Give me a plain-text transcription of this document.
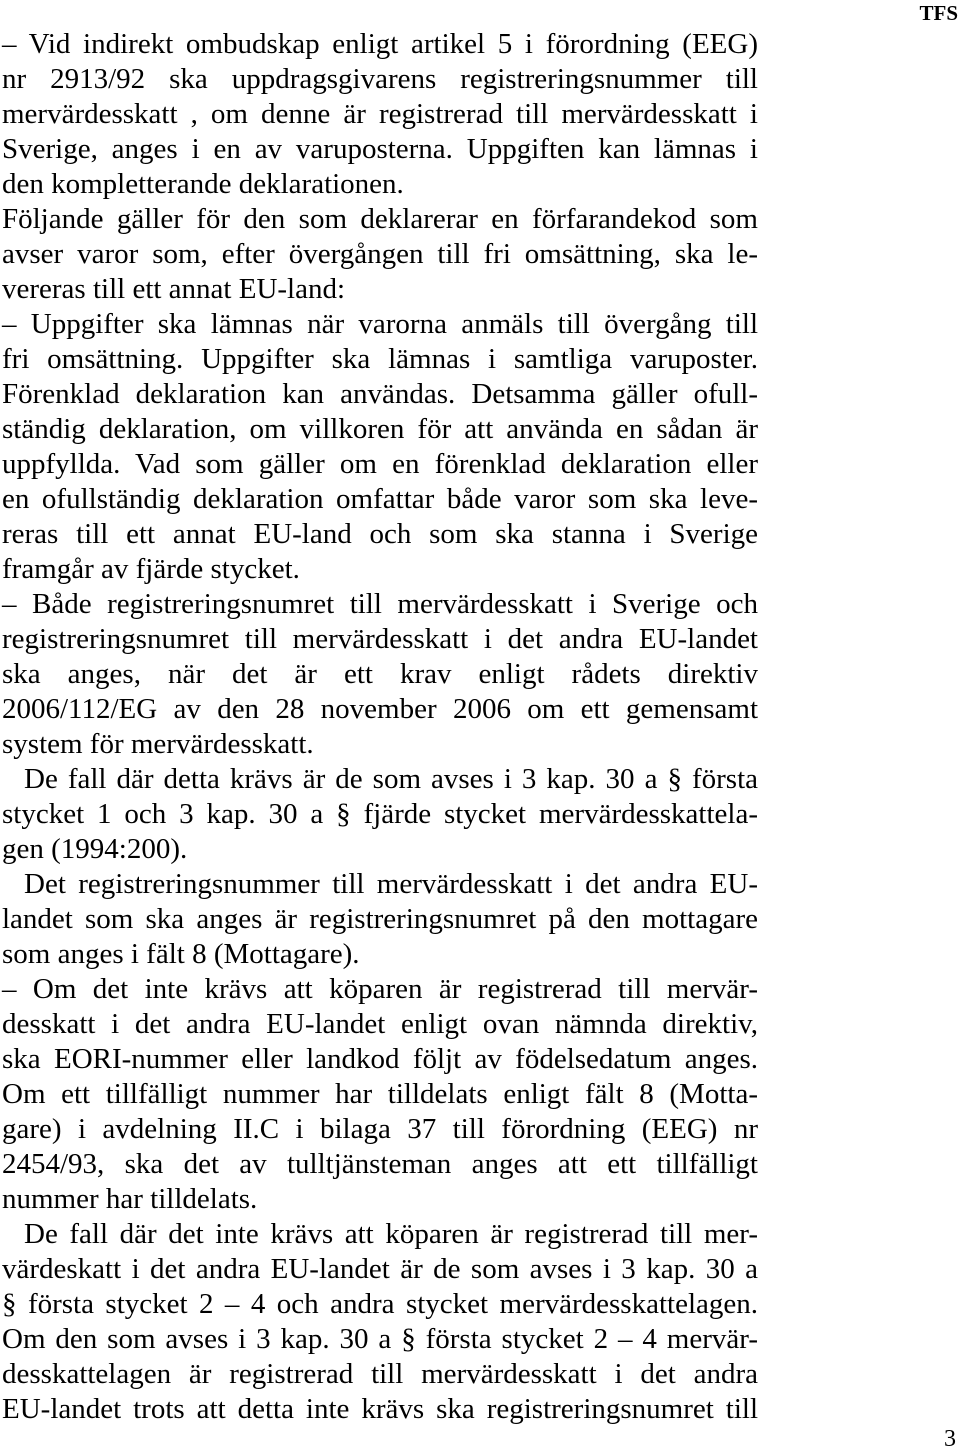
TFS
– Vid indirekt ombudskap enligt artikel 5 i förordning (EEG)
nr 2913/92 ska uppdragsgivarens registreringsnummer till
mervärdesskatt , om denne är registrerad till mervärdesskatt i
Sverige, anges i en av varuposterna. Uppgiften kan lämnas i
den kompletterande deklarationen.
Följande gäller för den som deklarerar en förfarandekod som
avser varor som, efter övergången till fri omsättning, ska le-
vereras till ett annat EU-land:
– Uppgifter ska lämnas när varorna anmäls till övergång till
fri omsättning. Uppgifter ska lämnas i samtliga varuposter.
Förenklad deklaration kan användas. Detsamma gäller ofull-
ständig deklaration, om villkoren för att använda en sådan är
uppfyllda. Vad som gäller om en förenklad deklaration eller
en ofullständig deklaration omfattar både varor som ska leve-
reras till ett annat EU-land och som ska stanna i Sverige
framgår av fjärde stycket.
– Både registreringsnumret till mervärdesskatt i Sverige och
registreringsnumret till mervärdesskatt i det andra EU-landet
ska anges, när det är ett krav enligt rådets direktiv
2006/112/EG av den 28 november 2006 om ett gemensamt
system för mervärdesskatt.
De fall där detta krävs är de som avses i 3 kap. 30 a § första
stycket 1 och 3 kap. 30 a § fjärde stycket mervärdesskattela-
gen (1994:200).
Det registreringsnummer till mervärdesskatt i det andra EU-
landet som ska anges är registreringsnumret på den mottagare
som anges i fält 8 (Mottagare).
– Om det inte krävs att köparen är registrerad till mervär-
desskatt i det andra EU-landet enligt ovan nämnda direktiv,
ska EORI-nummer eller landkod följt av födelsedatum anges.
Om ett tillfälligt nummer har tilldelats enligt fält 8 (Motta-
gare) i avdelning II.C i bilaga 37 till förordning (EEG) nr
2454/93, ska det av tulltjänsteman anges att ett tillfälligt
nummer har tilldelats.
De fall där det inte krävs att köparen är registrerad till mer-
värdeskatt i det andra EU-landet är de som avses i 3 kap. 30 a
§ första stycket 2 – 4 och andra stycket mervärdesskattelagen.
Om den som avses i 3 kap. 30 a § första stycket 2 – 4 mervär-
desskattelagen är registrerad till mervärdesskatt i det andra
EU-landet trots att detta inte krävs ska registreringsnumret till
3
